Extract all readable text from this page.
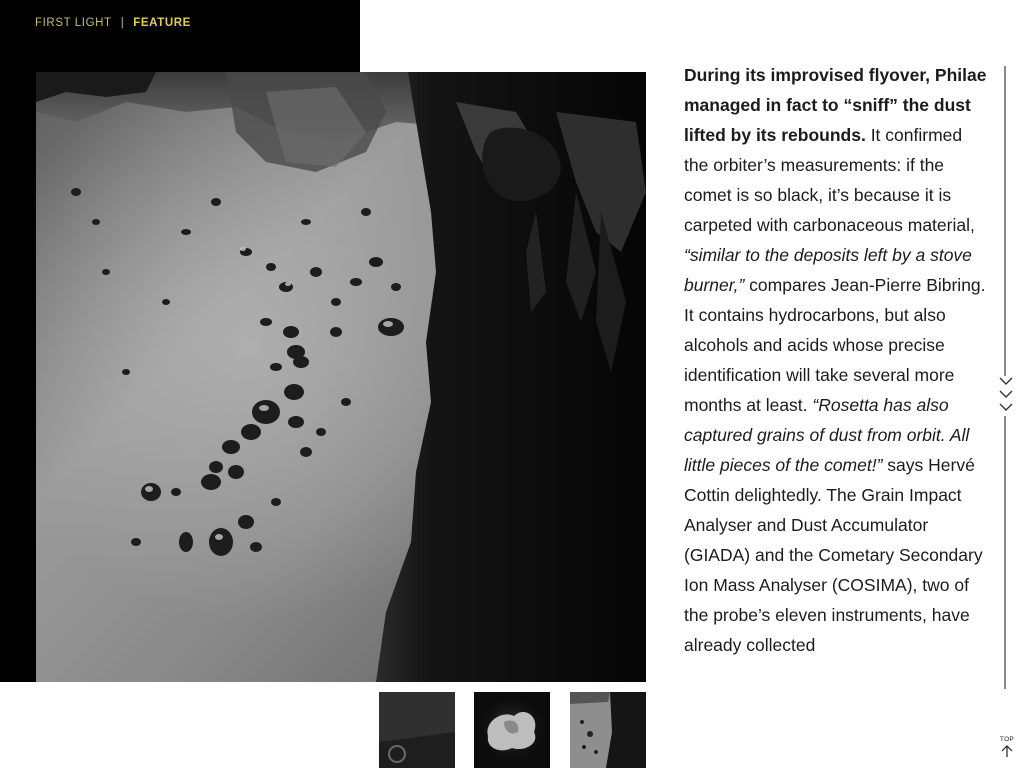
FIRST LIGHT | FEATURE
During its improvised flyover, Philae managed in fact to “sniff” the dust lifted by its rebounds. It confirmed the orbiter’s measurements: if the comet is so black, it’s because it is carpeted with carbonaceous material, “similar to the deposits left by a stove burner,” compares Jean-Pierre Bibring. It contains hydrocarbons, but also alcohols and acids whose precise identification will take several more months at least. “Rosetta has also captured grains of dust from orbit. All little pieces of the comet!” says Hervé Cottin delightedly. The Grain Impact Analyser and Dust Accumulator (GIADA) and the Cometary Secondary Ion Mass Analyser (COSIMA), two of the probe’s eleven instruments, have already collected
TOP
